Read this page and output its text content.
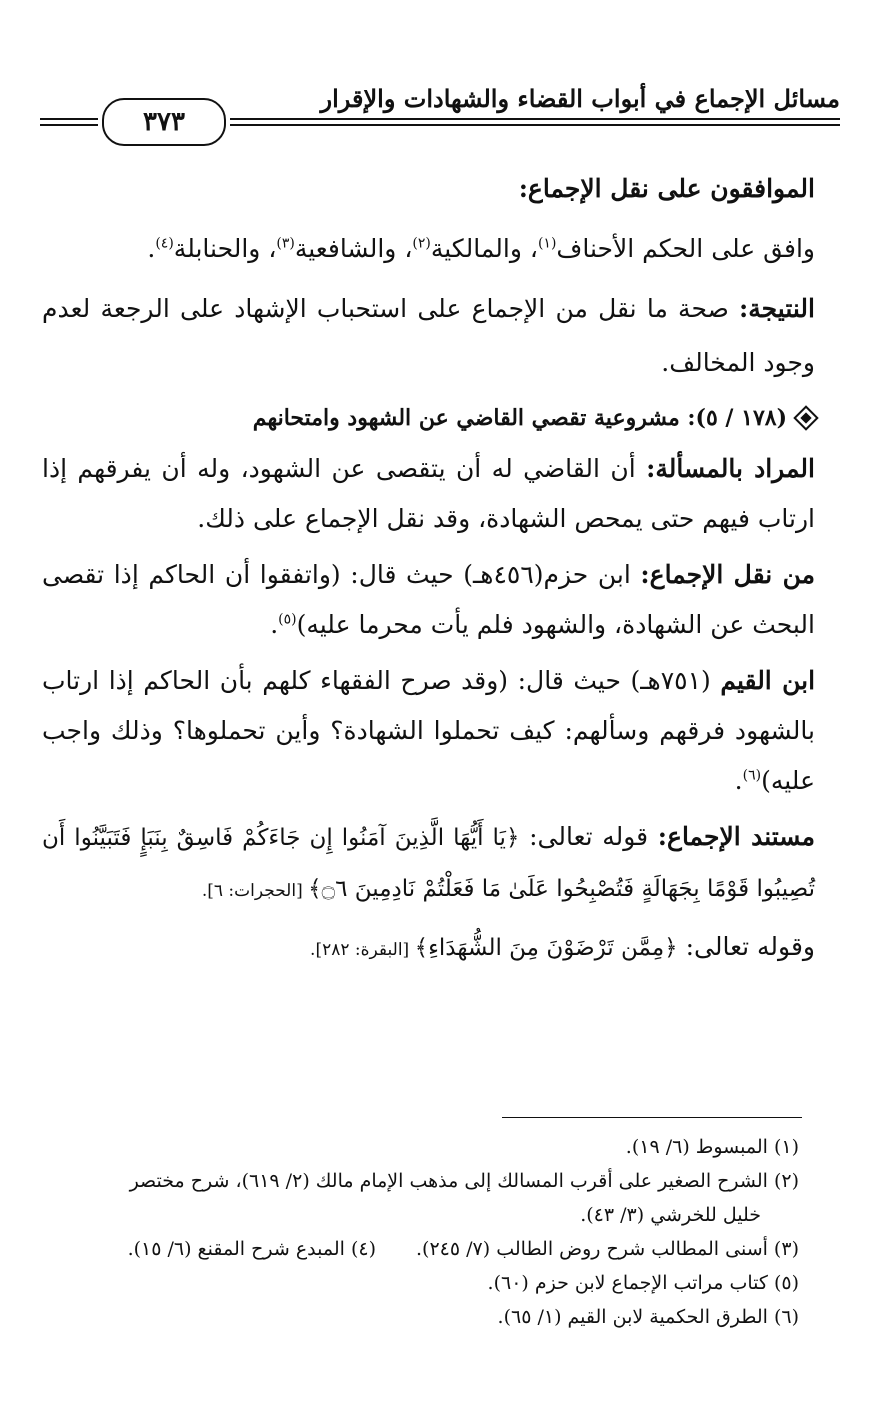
مسائل الإجماع في أبواب القضاء والشهادات والإقرار
٣٧٣

الموافقون على نقل الإجماع:

وافق على الحكم الأحناف$^{(١)}$، والمالكية$^{(٢)}$، والشافعية$^{(٣)}$، والحنابلة$^{(٤)}$.

النتيجة: صحة ما نقل من الإجماع على استحباب الإشهاد على الرجعة لعدم وجود المخالف.

(١٧٨ / ٥): مشروعية تقصي القاضي عن الشهود وامتحانهم

المراد بالمسألة: أن القاضي له أن يتقصى عن الشهود، وله أن يفرقهم إذا ارتاب فيهم حتى يمحص الشهادة، وقد نقل الإجماع على ذلك.

من نقل الإجماع: ابن حزم(٤٥٦هـ) حيث قال: (واتفقوا أن الحاكم إذا تقصى البحث عن الشهادة، والشهود فلم يأت محرما عليه)$^{(٥)}$.

ابن القيم (٧٥١هـ) حيث قال: (وقد صرح الفقهاء كلهم بأن الحاكم إذا ارتاب بالشهود فرقهم وسألهم: كيف تحملوا الشهادة؟ وأين تحملوها؟ وذلك واجب عليه)$^{(٦)}$.

مستند الإجماع: قوله تعالى: ﴿يَا أَيُّهَا الَّذِينَ آمَنُوا إِن جَاءَكُمْ فَاسِقٌ بِنَبَإٍ فَتَبَيَّنُوا أَن تُصِيبُوا قَوْمًا بِجَهَالَةٍ فَتُصْبِحُوا عَلَىٰ مَا فَعَلْتُمْ نَادِمِينَ ۝٦﴾ [الحجرات: ٦].

وقوله تعالى: ﴿مِمَّن تَرْضَوْنَ مِنَ الشُّهَدَاءِ﴾ [البقرة: ٢٨٢].

(١) المبسوط (٦/ ١٩).

(٢) الشرح الصغير على أقرب المسالك إلى مذهب الإمام مالك (٢/ ٦١٩)، شرح مختصر
خليل للخرشي (٣/ ٤٣).

(٣) أسنى المطالب شرح روض الطالب (٧/ ٢٤٥).
(٤) المبدع شرح المقنع (٦/ ١٥).

(٥) كتاب مراتب الإجماع لابن حزم (٦٠).

(٦) الطرق الحكمية لابن القيم (١/ ٦٥).
